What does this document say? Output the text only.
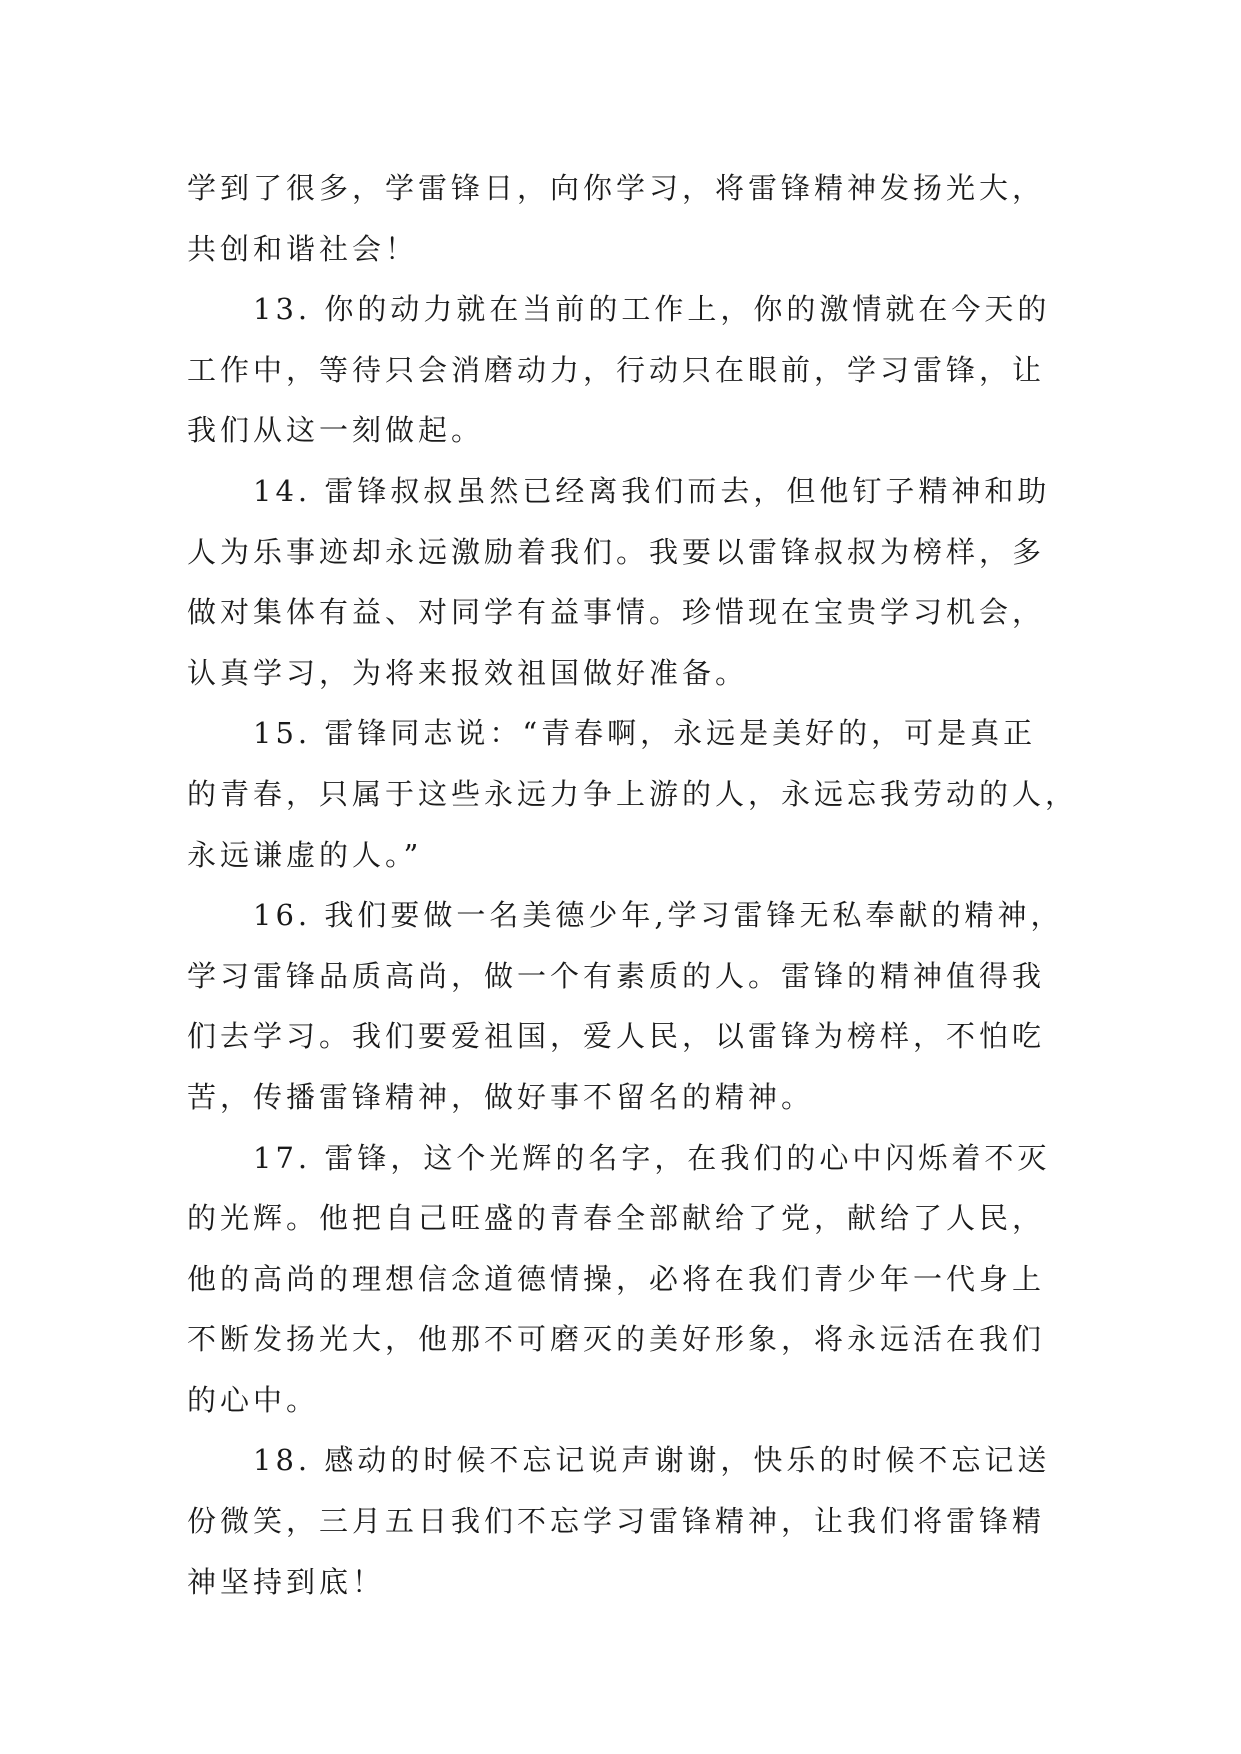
学到了很多，学雷锋日，向你学习，将雷锋精神发扬光大，
共创和谐社会！

13. 你的动力就在当前的工作上，你的激情就在今天的
工作中，等待只会消磨动力，行动只在眼前，学习雷锋，让
我们从这一刻做起。

14. 雷锋叔叔虽然已经离我们而去，但他钉子精神和助
人为乐事迹却永远激励着我们。我要以雷锋叔叔为榜样，多
做对集体有益、对同学有益事情。珍惜现在宝贵学习机会，
认真学习，为将来报效祖国做好准备。

15. 雷锋同志说：“青春啊，永远是美好的，可是真正
的青春，只属于这些永远力争上游的人，永远忘我劳动的人，
永远谦虚的人。”

16. 我们要做一名美德少年,学习雷锋无私奉献的精神，
学习雷锋品质高尚，做一个有素质的人。雷锋的精神值得我
们去学习。我们要爱祖国，爱人民，以雷锋为榜样，不怕吃
苦，传播雷锋精神，做好事不留名的精神。

17. 雷锋，这个光辉的名字，在我们的心中闪烁着不灭
的光辉。他把自己旺盛的青春全部献给了党，献给了人民，
他的高尚的理想信念道德情操，必将在我们青少年一代身上
不断发扬光大，他那不可磨灭的美好形象，将永远活在我们
的心中。

18. 感动的时候不忘记说声谢谢，快乐的时候不忘记送
份微笑，三月五日我们不忘学习雷锋精神，让我们将雷锋精
神坚持到底！
